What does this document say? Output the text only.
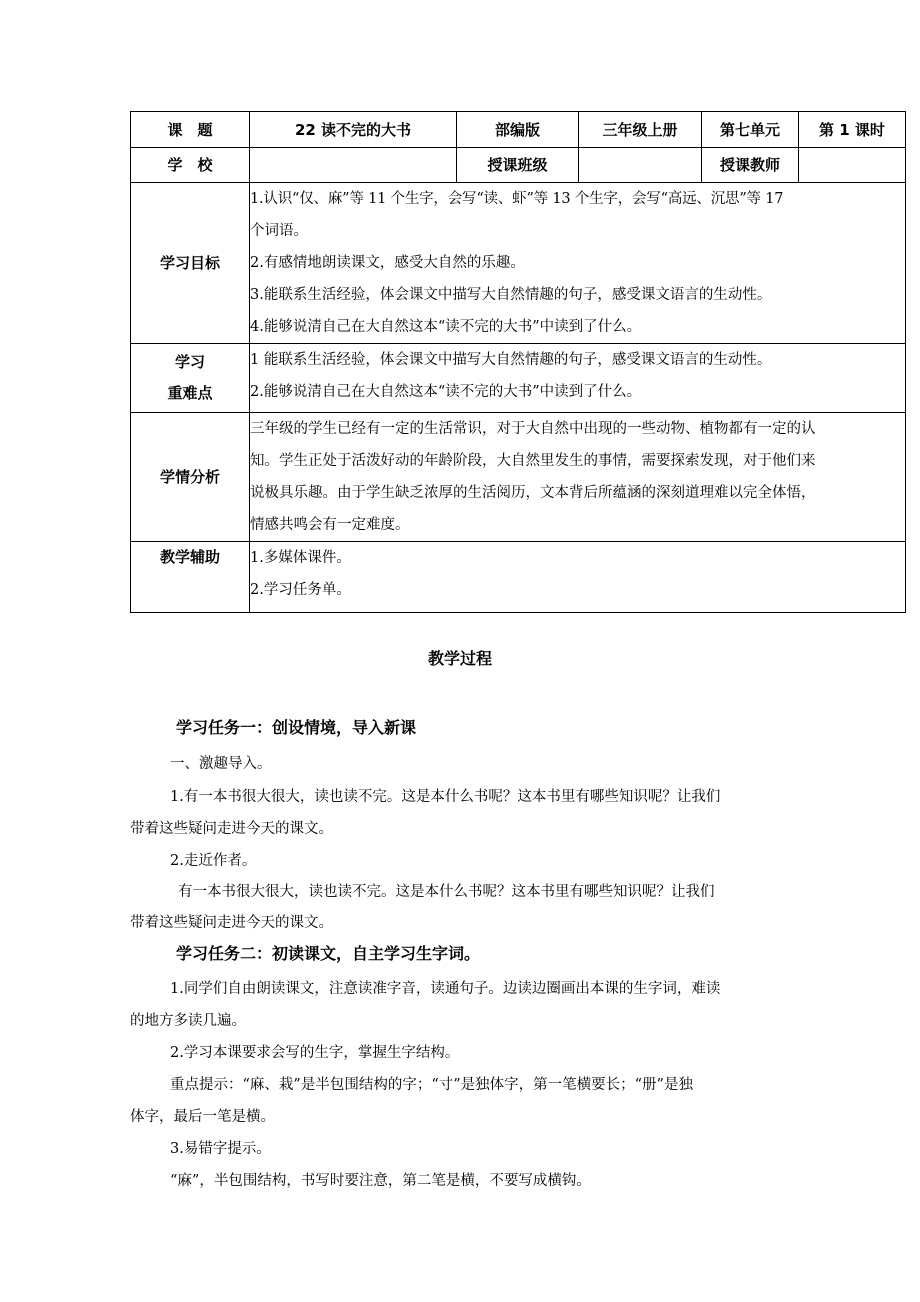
课　题	22 读不完的大书	部编版	三年级上册	第七单元	第 1 课时
学　校		授课班级		授课教师	
学习目标	1.认识“仅、麻”等 11 个生字，会写“读、虾”等 13 个生字，会写“高远、沉思”等 17
个词语。
2.有感情地朗读课文，感受大自然的乐趣。
3.能联系生活经验，体会课文中描写大自然情趣的句子，感受课文语言的生动性。
4.能够说清自己在大自然这本“读不完的大书”中读到了什么。				

学习
重难点	1 能联系生活经验，体会课文中描写大自然情趣的句子，感受课文语言的生动性。
2.能够说清自己在大自然这本“读不完的大书”中读到了什么。				

学情分析	三年级的学生已经有一定的生活常识，对于大自然中出现的一些动物、植物都有一定的认
知。学生正处于活泼好动的年龄阶段，大自然里发生的事情，需要探索发现，对于他们来
说极具乐趣。由于学生缺乏浓厚的生活阅历，文本背后所蕴涵的深刻道理难以完全体悟，
情感共鸣会有一定难度。				

教学辅助	1.多媒体课件。
2.学习任务单。				
教学过程
学习任务一：创设情境，导入新课
一、激趣导入。
1.有一本书很大很大，读也读不完。这是本什么书呢？这本书里有哪些知识呢？让我们
带着这些疑问走进今天的课文。
2.走近作者。
有一本书很大很大，读也读不完。这是本什么书呢？这本书里有哪些知识呢？让我们
带着这些疑问走进今天的课文。
学习任务二：初读课文，自主学习生字词。
1.同学们自由朗读课文，注意读准字音，读通句子。边读边圈画出本课的生字词，难读
的地方多读几遍。
2.学习本课要求会写的生字，掌握生字结构。
重点提示：“麻、栽”是半包围结构的字；“寸”是独体字，第一笔横要长；“册”是独
体字，最后一笔是横。
3.易错字提示。
“麻”，半包围结构，书写时要注意，第二笔是横，不要写成横钩。
